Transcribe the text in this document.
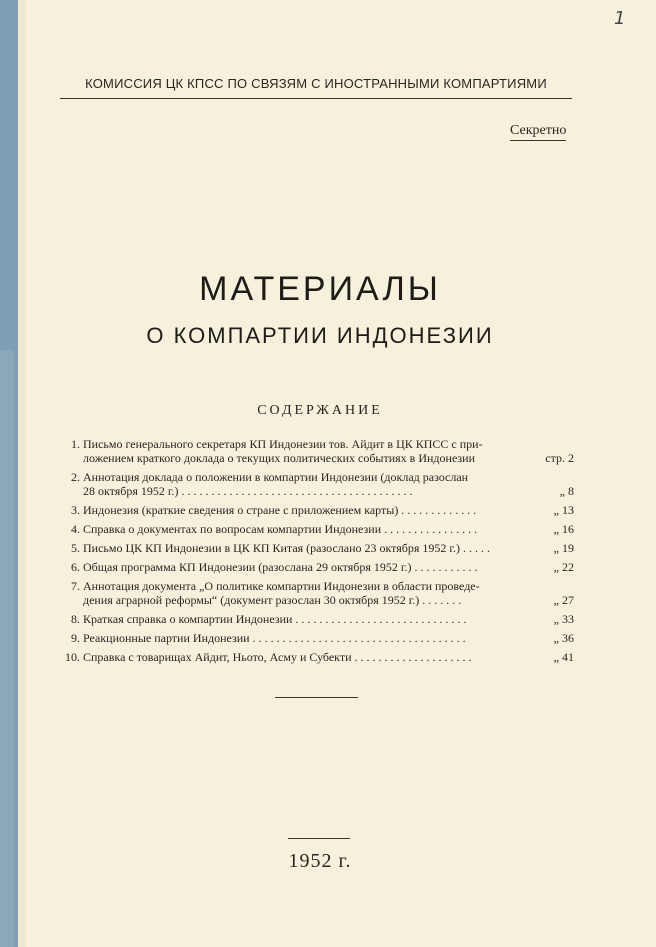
1
КОМИССИЯ ЦК КПСС ПО СВЯЗЯМ С ИНОСТРАННЫМИ КОМПАРТИЯМИ
Секретно
МАТЕРИАЛЫ
О КОМПАРТИИ ИНДОНЕЗИИ
СОДЕРЖАНИЕ
1. Письмо генерального секретаря КП Индонезии тов. Айдит в ЦК КПСС с при-
ложением краткого доклада о текущих политических событиях в Индонезии	стр. 2
2. Аннотация доклада о положении в компартии Индонезии (доклад разослан
28 октября 1952 г.) . . . . . . . . . . . . . . . . . . . . . . . . . . . . . . . . . . . . . . .	„ 8
3. Индонезия (краткие сведения о стране с приложением карты) . . . . . . . . . . . . .	„ 13
4. Справка о документах по вопросам компартии Индонезии . . . . . . . . . . . . . . . .	„ 16
5. Письмо ЦК КП Индонезии в ЦК КП Китая (разослано 23 октября 1952 г.) . . . . .	„ 19
6. Общая программа КП Индонезии (разослана 29 октября 1952 г.) . . . . . . . . . . .	„ 22
7. Аннотация документа „О политике компартии Индонезии в области проведе-
дения аграрной реформы“ (документ разослан 30 октября 1952 г.) . . . . . . .	„ 27
8. Краткая справка о компартии Индонезии . . . . . . . . . . . . . . . . . . . . . . . . . . . . .	„ 33
9. Реакционные партии Индонезии . . . . . . . . . . . . . . . . . . . . . . . . . . . . . . . . . . . .	„ 36
10. Справка с товарищах Айдит, Ньото, Асму и Субекти . . . . . . . . . . . . . . . . . . . .	„ 41
1952 г.
